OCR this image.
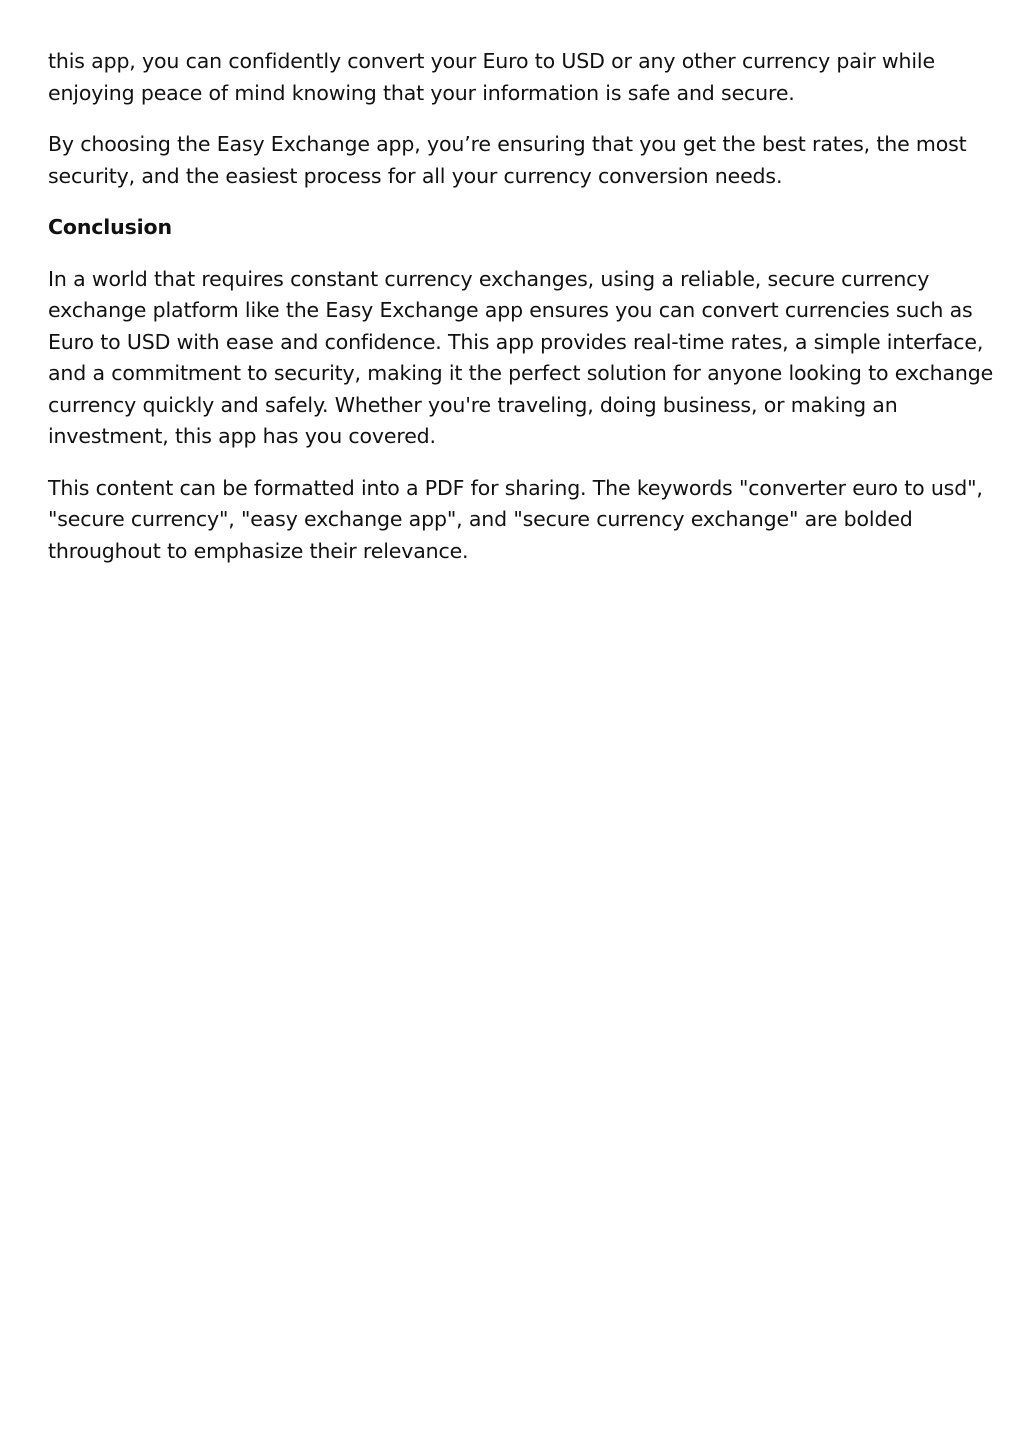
this app, you can confidently convert your Euro to USD or any other currency pair while
enjoying peace of mind knowing that your information is safe and secure.

By choosing the Easy Exchange app, you’re ensuring that you get the best rates, the most
security, and the easiest process for all your currency conversion needs.

Conclusion

In a world that requires constant currency exchanges, using a reliable, secure currency
exchange platform like the Easy Exchange app ensures you can convert currencies such as
Euro to USD with ease and confidence. This app provides real-time rates, a simple interface,
and a commitment to security, making it the perfect solution for anyone looking to exchange
currency quickly and safely. Whether you're traveling, doing business, or making an
investment, this app has you covered.

This content can be formatted into a PDF for sharing. The keywords "converter euro to usd",
"secure currency", "easy exchange app", and "secure currency exchange" are bolded
throughout to emphasize their relevance.
